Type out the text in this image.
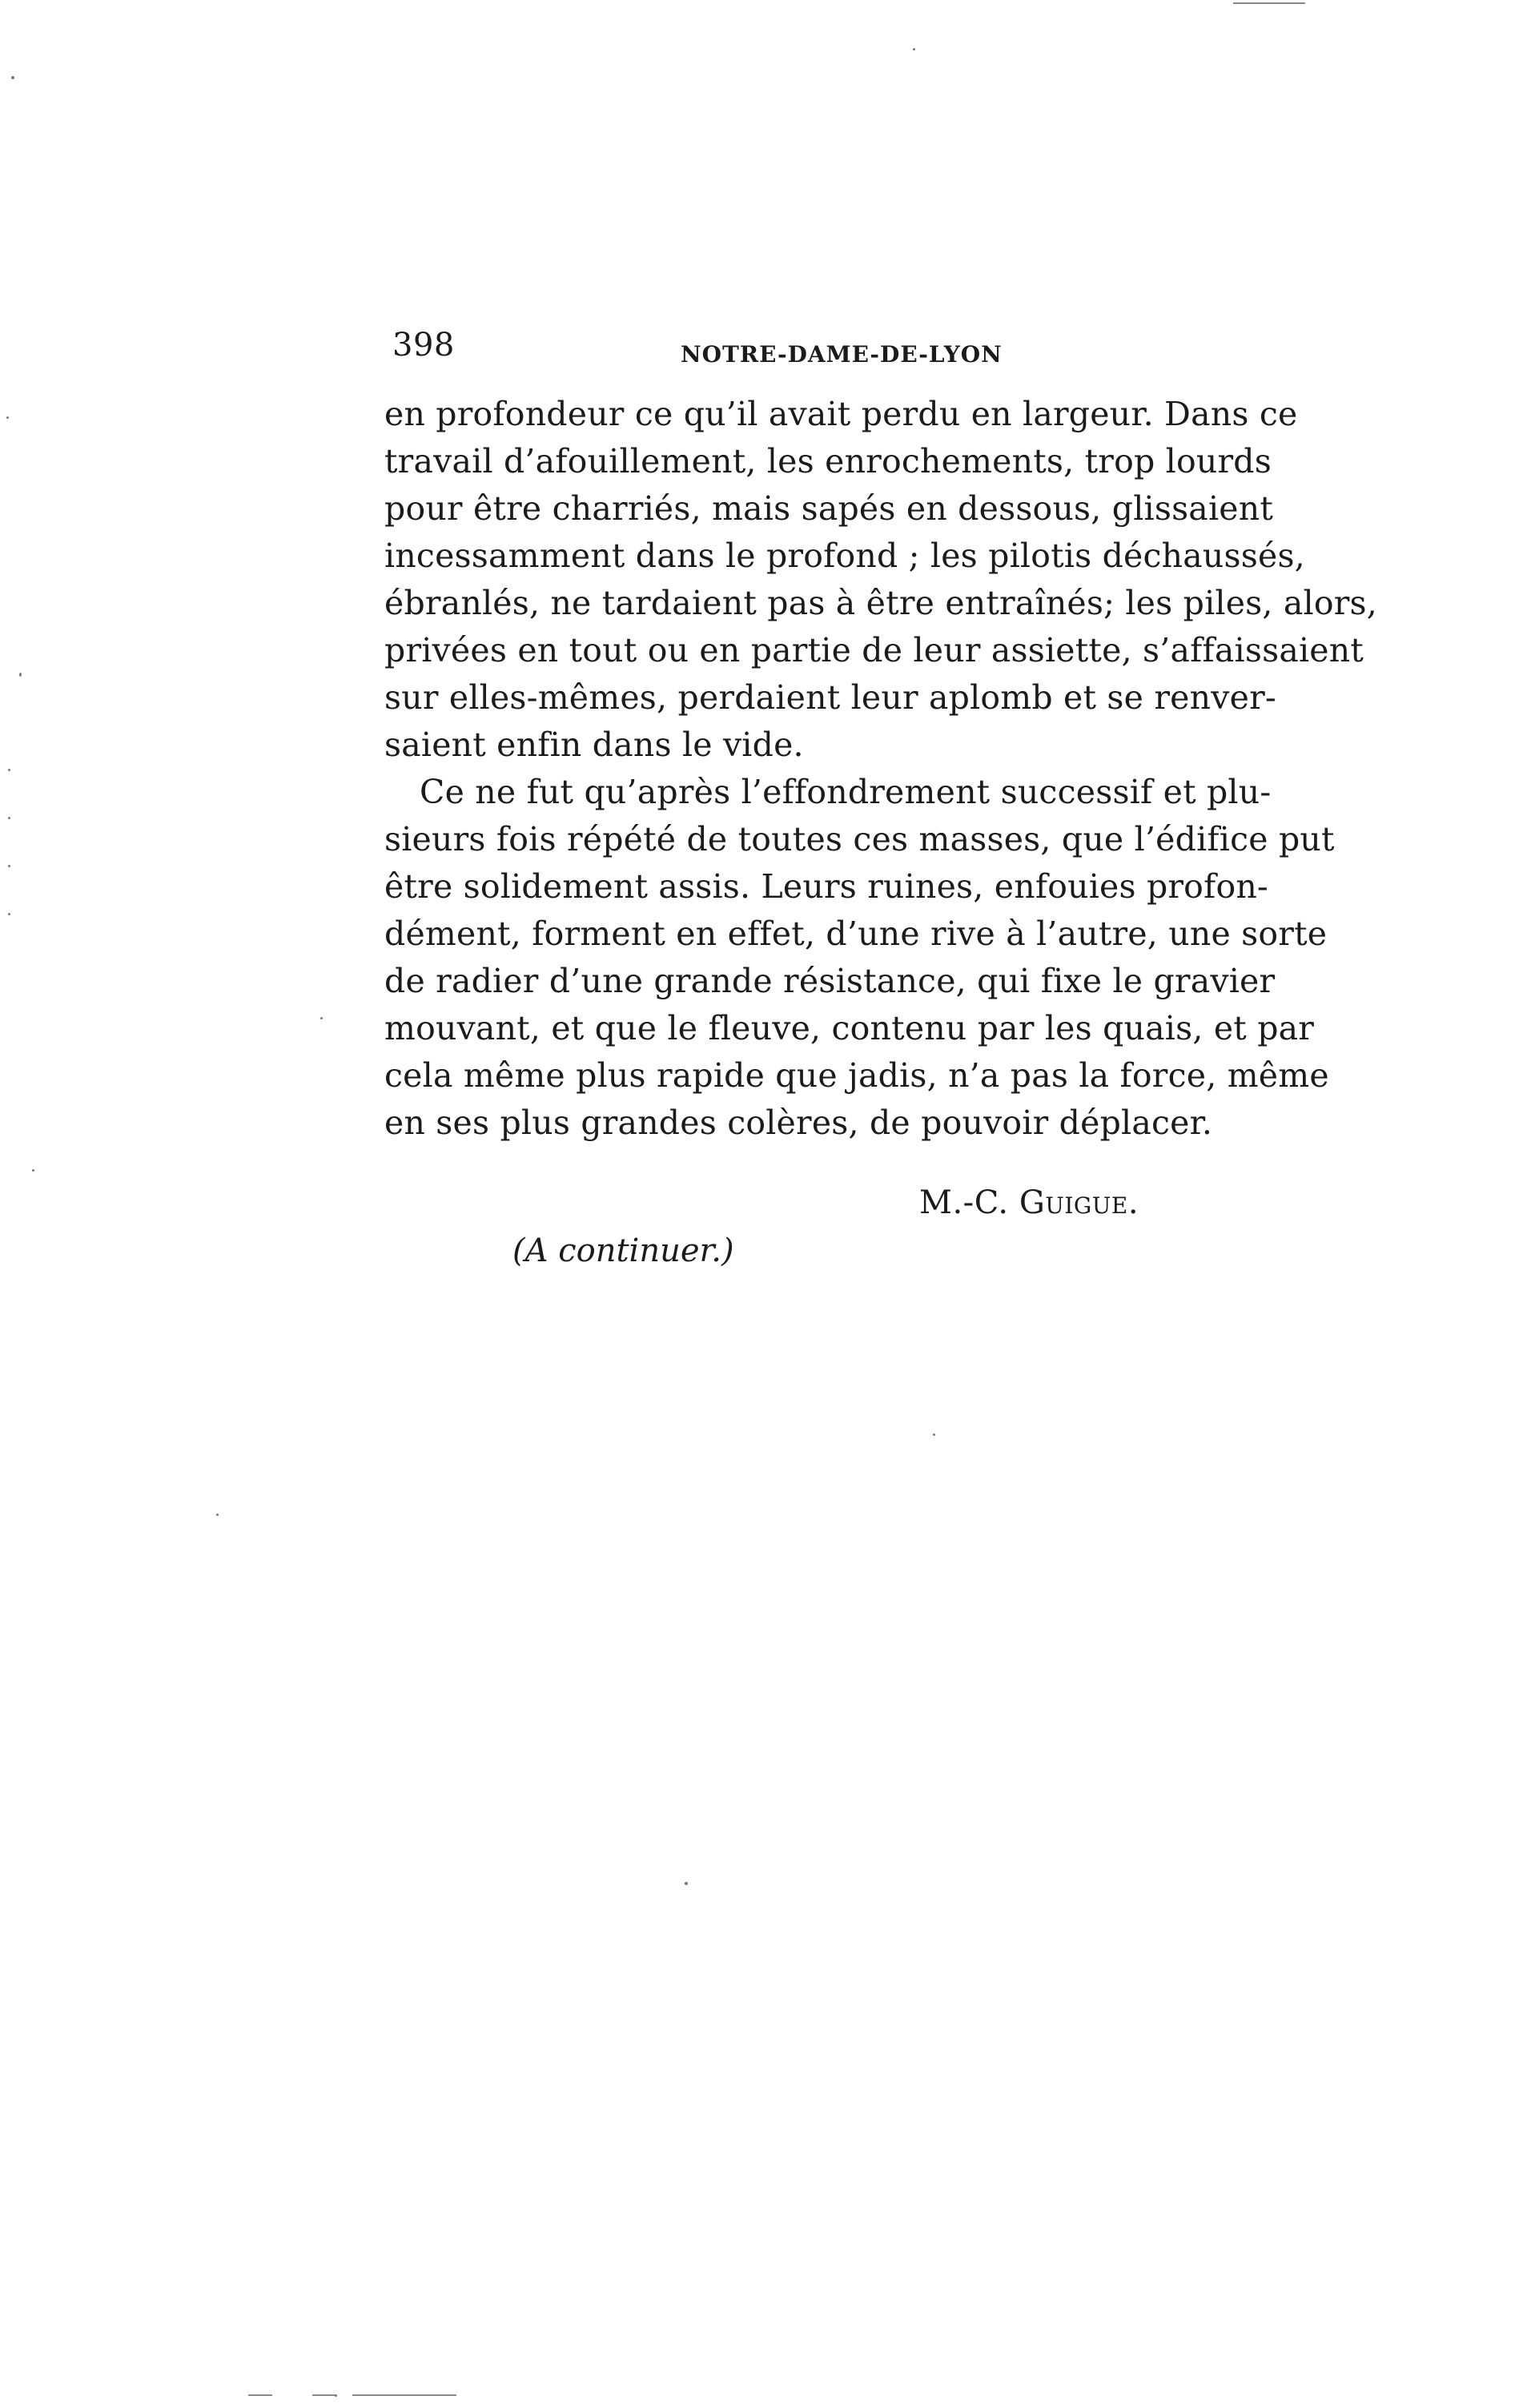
398	NOTRE-DAME-DE-LYON
en profondeur ce qu’il avait perdu en largeur. Dans ce
travail d’afouillement, les enrochements, trop lourds
pour être charriés, mais sapés en dessous, glissaient
incessamment dans le profond ; les pilotis déchaussés,
ébranlés, ne tardaient pas à être entraînés; les piles, alors,
privées en tout ou en partie de leur assiette, s’affaissaient
sur elles-mêmes, perdaient leur aplomb et se renver-
saient enfin dans le vide.
Ce ne fut qu’après l’effondrement successif et plu-
sieurs fois répété de toutes ces masses, que l’édifice put
être solidement assis. Leurs ruines, enfouies profon-
dément, forment en effet, d’une rive à l’autre, une sorte
de radier d’une grande résistance, qui fixe le gravier
mouvant, et que le fleuve, contenu par les quais, et par
cela même plus rapide que jadis, n’a pas la force, même
en ses plus grandes colères, de pouvoir déplacer.
M.-C. Guigue.
(A continuer.)
